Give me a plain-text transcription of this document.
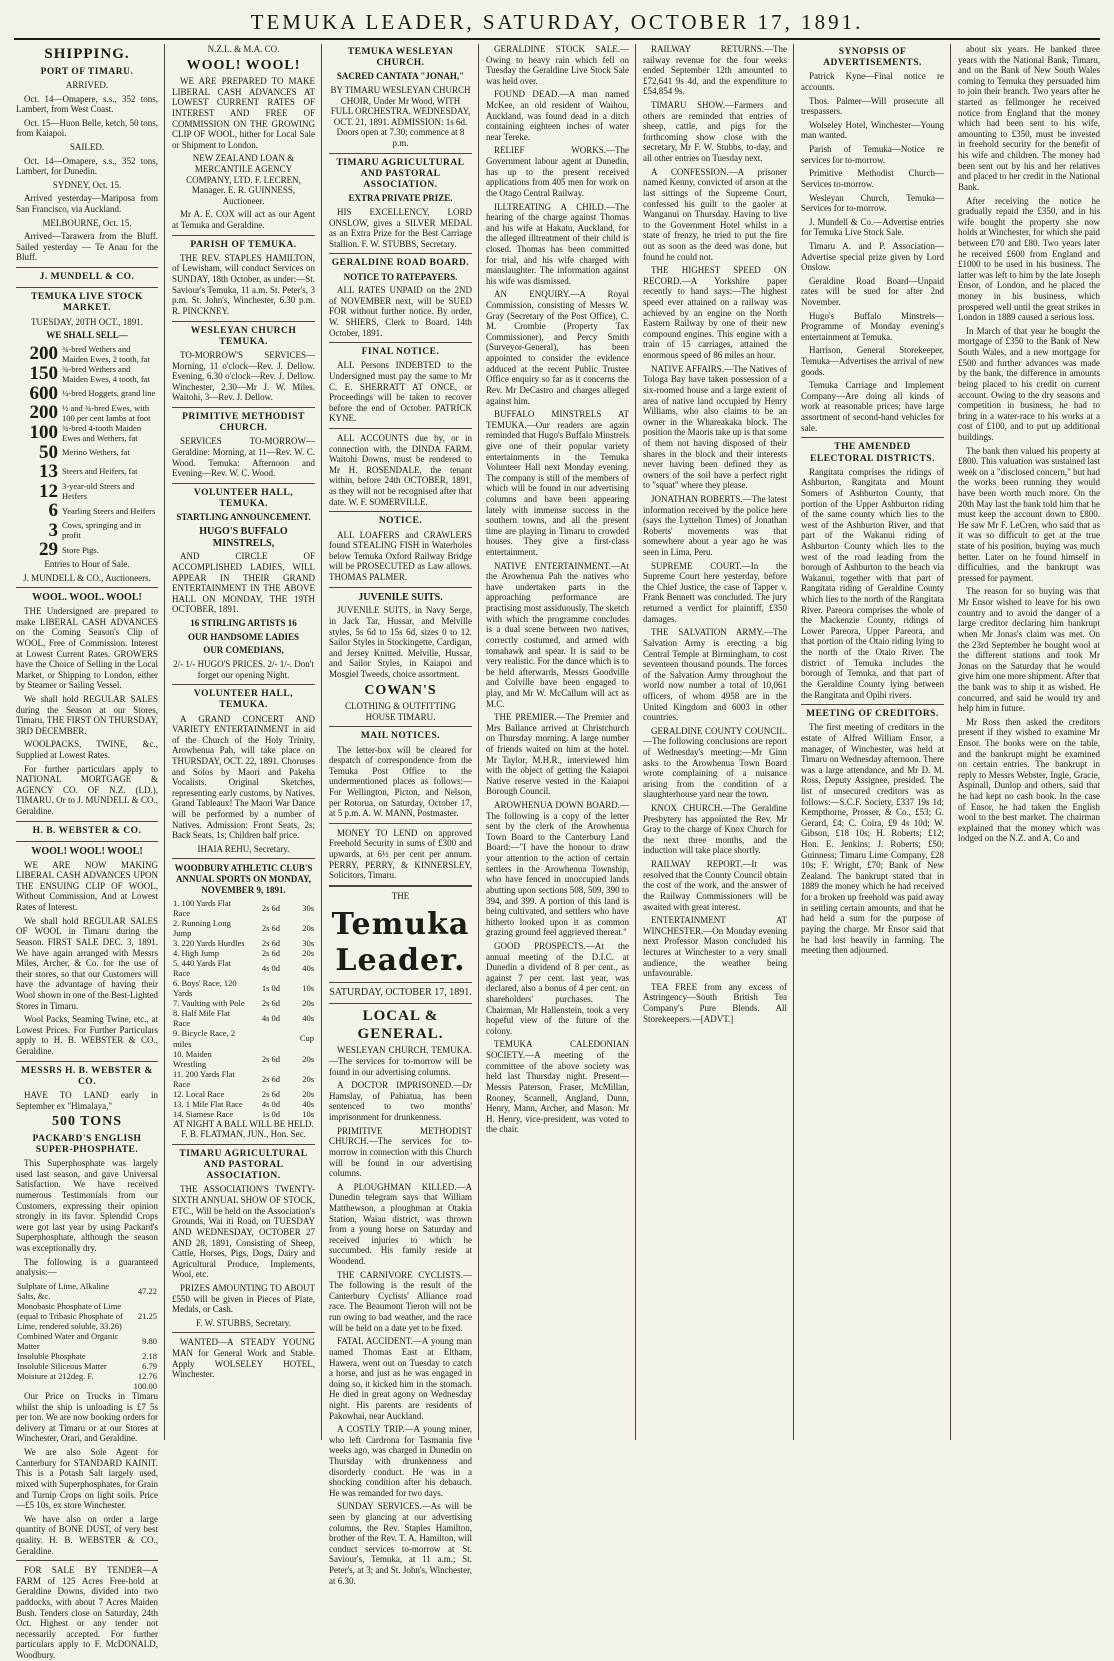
TEMUKA LEADER, SATURDAY, OCTOBER 17, 1891.
SHIPPING.
PORT OF TIMARU.

ARRIVED.

Oct. 14—Omapere, s.s., 352 tons, Lambert, from West Coast.

Oct. 15—Huon Belle, ketch, 50 tons, from Kaiapoi.

SAILED.

Oct. 14—Omapere, s.s., 352 tons, Lambert, for Dunedin.

SYDNEY, Oct. 15.

Arrived yesterday—Mariposa from San Francisco, via Auckland.

MELBOURNE, Oct. 15.

Arrived—Tarawera from the Bluff. Sailed yesterday — Te Anau for the Bluff.

J. MUNDELL & CO.
TEMUKA LIVE STOCK MARKET.

TUESDAY, 20TH OCT., 1891.

WE SHALL SELL—

200 ¾-bred Wethers and Maiden Ewes, 2 tooth, fat
150 ¾-bred Wethers and Maiden Ewes, 4 tooth, fat
600 ¼-bred Hoggets, grand line
200 ½ and ¾-bred Ewes, with 100 per cent lambs at foot
100 ¾-bred 4-tooth Maiden Ewes and Wethers, fat
50 Merino Wethers, fat
13 Steers and Heifers, fat
12 3-year-old Steers and Heifers
6 Yearling Steers and Heifers
3 Cows, springing and in profit
29 Store Pigs.

Entries to Hour of Sale.

J. MUNDELL & CO., Auctioneers.

WOOL. WOOL. WOOL!

THE Undersigned are prepared to make LIBERAL CASH ADVANCES on the Coming Season's Clip of WOOL, Free of Commission. Interest at Lowest Current Rates. GROWERS have the Choice of Selling in the Local Market, or Shipping to London, either by Steamer or Sailing Vessel.

We shall hold REGULAR SALES during the Season at our Stores, Timaru, THE FIRST ON THURSDAY, 3RD DECEMBER.

WOOLPACKS, TWINE, &c., Supplied at Lowest Rates.

For further particulars apply to NATIONAL MORTGAGE & AGENCY CO. OF N.Z. (LD.), TIMARU. Or to J. MUNDELL & CO., Geraldine.

H. B. WEBSTER & CO.
WOOL! WOOL! WOOL!

WE ARE NOW MAKING LIBERAL CASH ADVANCES UPON THE ENSUING CLIP OF WOOL, Without Commission, And at Lowest Rates of Interest.

We shall hold REGULAR SALES OF WOOL in Timaru during the Season. FIRST SALE DEC. 3, 1891. We have again arranged with Messrs Miles, Archer, & Co. for the use of their stores, so that our Customers will have the advantage of having their Wool shown in one of the Best-Lighted Stores in Timaru.

Wool Packs, Seaming Twine, etc., at Lowest Prices. For Further Particulars apply to H. B. WEBSTER & CO., Geraldine.

MESSRS H. B. WEBSTER & CO.

HAVE TO LAND early in September ex "Himalaya,"

500 TONS
PACKARD'S ENGLISH SUPER-PHOSPHATE.

This Superphosphate was largely used last season, and gave Universal Satisfaction. We have received numerous Testimonials from our Customers, expressing their opinion strongly in its favor. Splendid Crops were got last year by using Packard's Superphosphate, although the season was exceptionally dry.

The following is a guaranteed analysis:—

Sulphate of Lime, Alkaline Salts, &c.	47.22
Monobasic Phosphate of Lime (equal to Tribasic Phosphate of Lime, rendered soluble, 33.26)	21.25
Combined Water and Organic Matter	9.80
Insoluble Phosphate	2.18
Insoluble Siliceous Matter	6.79
Moisture at 212deg. F.	12.76
	100.00

Our Price on Trucks in Timaru whilst the ship is unloading is £7 5s per ton. We are now booking orders for delivery at Timaru or at our Stores at Winchester, Orari, and Geraldine.

We are also Sole Agent for Canterbury for STANDARD KAINIT. This is a Potash Salt largely used, mixed with Superphosphates, for Grain and Turnip Crops on light soils. Price—£5 10s, ex store Winchester.

We have also on order a large quantity of BONE DUST, of very best quality. H. B. WEBSTER & CO., Geraldine.

FOR SALE BY TENDER—A FARM of 125 Acres Free-hold at Geraldine Downs, divided into two paddocks, with about 7 Acres Maiden Bush. Tenders close on Saturday, 24th Oct. Highest or any tender not necessarily accepted. For further particulars apply to F. McDONALD, Woodbury.

N.Z.L. & M.A. CO.

WOOL! WOOL!

WE ARE PREPARED TO MAKE LIBERAL CASH ADVANCES AT LOWEST CURRENT RATES OF INTEREST AND FREE OF COMMISSION ON THE GROWING CLIP OF WOOL, hither for Local Sale or Shipment to London.

NEW ZEALAND LOAN & MERCANTILE AGENCY COMPANY, LTD. F. LECREN, Manager. E. R. GUINNESS, Auctioneer.

Mr A. E. COX will act as our Agent at Temuka and Geraldine.

PARISH OF TEMUKA.

THE REV. STAPLES HAMILTON, of Lewisham, will conduct Services on SUNDAY, 18th October, as under:—St. Saviour's Temuka, 11 a.m. St. Peter's, 3 p.m. St. John's, Winchester, 6.30 p.m. R. PINCKNEY.

WESLEYAN CHURCH TEMUKA.

TO-MORROW'S SERVICES— Morning, 11 o'clock—Rev. J. Dellow. Evening, 6.30 o'clock—Rev. J. Dellow. Winchester, 2.30—Mr J. W. Miles. Waitohi, 3—Rev. J. Dellow.

PRIMITIVE METHODIST CHURCH.

SERVICES TO-MORROW— Geraldine: Morning, at 11—Rev. W. C. Wood. Temuka: Afternoon and Evening—Rev. W. C. Wood.

VOLUNTEER HALL, TEMUKA.

STARTLING ANNOUNCEMENT.

HUGO'S BUFFALO MINSTRELS,

AND CIRCLE OF ACCOMPLISHED LADIES, WILL APPEAR IN THEIR GRAND ENTERTAINMENT IN THE ABOVE HALL ON MONDAY, THE 19TH OCTOBER, 1891.

16 STIRLING ARTISTS 16

OUR HANDSOME LADIES

OUR COMEDIANS,

2/- 1/- HUGO'S PRICES. 2/- 1/-. Don't forget our opening Night.

VOLUNTEER HALL, TEMUKA.

A GRAND CONCERT AND VARIETY ENTERTAINMENT in aid of the Church of the Holy Trinity, Arowhenua Pah, will take place on THURSDAY, OCT. 22, 1891. Choruses and Solos by Maori and Pakeha Vocalists. Original Sketches, representing early customs, by Natives. Grand Tableaux! The Maori War Dance will be performed by a number of Natives. Admission: Front Seats, 2s; Back Seats, 1s; Children half price.

IHAIA REHU, Secretary.

WOODBURY ATHLETIC CLUB'S ANNUAL SPORTS ON MONDAY, NOVEMBER 9, 1891.

1. 100 Yards Flat Race	2s 6d	30s
2. Running Long Jump	2s 6d	20s
3. 220 Yards Hurdles	2s 6d	30s
4. High Jump	2s 6d	20s
5. 440 Yards Flat Race	4s 0d	40s
6. Boys' Race, 120 Yards	1s 0d	10s
7. Vaulting with Pole	2s 6d	20s
8. Half Mile Flat Race	4s 0d	40s
9. Bicycle Race, 2 miles		Cup
10. Maiden Wrestling	2s 6d	20s
11. 200 Yards Flat Race	2s 6d	20s
12. Local Race	2s 6d	20s
13. 1 Mile Flat Race	4s 0d	40s
14. Siamese Race	1s 0d	10s

AT NIGHT A BALL WILL BE HELD. F. B. FLATMAN, JUN., Hon. Sec.

TIMARU AGRICULTURAL AND PASTORAL ASSOCIATION.

THE ASSOCIATION'S TWENTY-SIXTH ANNUAL SHOW OF STOCK, ETC., Will be held on the Association's Grounds, Wai iti Road, on TUESDAY AND WEDNESDAY, OCTOBER 27 AND 28, 1891, Consisting of Sheep, Cattle, Horses, Pigs, Dogs, Dairy and Agricultural Produce, Implements, Wool, etc.

PRIZES AMOUNTING TO ABOUT £550 will be given in Pieces of Plate, Medals, or Cash.

F. W. STUBBS, Secretary.

WANTED—A STEADY YOUNG MAN for General Work and Stable. Apply WOLSELEY HOTEL, Winchester.

TEMUKA WESLEYAN CHURCH.

SACRED CANTATA "JONAH,"

BY TIMARU WESLEYAN CHURCH CHOIR, Under Mr Wood, WITH FULL ORCHESTRA. WEDNESDAY, OCT. 21, 1891. ADMISSION: 1s 6d. Doors open at 7.30; commence at 8 p.m.

TIMARU AGRICULTURAL AND PASTORAL ASSOCIATION.

EXTRA PRIVATE PRIZE.

HIS EXCELLENCY, LORD ONSLOW, gives a SILVER MEDAL as an Extra Prize for the Best Carriage Stallion. F. W. STUBBS, Secretary.

GERALDINE ROAD BOARD.

NOTICE TO RATEPAYERS.

ALL RATES UNPAID on the 2ND of NOVEMBER next, will be SUED FOR without further notice. By order, W. SHIERS, Clerk to Board. 14th October, 1891.

FINAL NOTICE.

ALL Persons INDEBTED to the Undersigned must pay the same to Mr C. E. SHERRATT AT ONCE, or Proceedings will be taken to recover before the end of October. PATRICK KYNE.

ALL ACCOUNTS due by, or in connection with, the DINDA FARM, Waitohi Downs, must be rendered to Mr H. ROSENDALE, the tenant within, before 24th OCTOBER, 1891, as they will not be recognised after that date. W. F. SOMERVILLE.

NOTICE.

ALL LOAFERS and CRAWLERS found STEALING FISH in Waterholes below Temuka Oxford Railway Bridge will be PROSECUTED as Law allows. THOMAS PALMER.

JUVENILE SUITS.

JUVENILE SUITS, in Navy Serge, in Jack Tar, Hussar, and Melville styles, 5s 6d to 15s 6d, sizes 0 to 12. Sailor Styles in Stockingette, Cardigan, and Jersey Knitted. Melville, Hussar, and Sailor Styles, in Kaiapoi and Mosgiel Tweeds, choice assortment.

COWAN'S

CLOTHING & OUTFITTING HOUSE TIMARU.

MAIL NOTICES.

The letter-box will be cleared for despatch of correspondence from the Temuka Post Office to the undermentioned places as follows:— For Wellington, Picton, and Nelson, per Rotorua, on Saturday, October 17, at 5 p.m. A. W. MANN, Postmaster.

MONEY TO LEND on approved Freehold Security in sums of £300 and upwards, at 6½ per cent per annum. PERRY, PERRY, & KINNERSLEY, Solicitors, Timaru.

THE

Temuka Leader.
SATURDAY, OCTOBER 17, 1891.
LOCAL & GENERAL.

WESLEYAN CHURCH, TEMUKA.—The services for to-morrow will be found in our advertising columns.

A DOCTOR IMPRISONED.—Dr Hamslay, of Pahiatua, has been sentenced to two months' imprisonment for drunkenness.

PRIMITIVE METHODIST CHURCH.—The services for to-morrow in connection with this Church will be found in our advertising columns.

A PLOUGHMAN KILLED.—A Dunedin telegram says that William Matthewson, a ploughman at Otakia Station, Waiau district, was thrown from a young horse on Saturday and received injuries to which he succumbed. His family reside at Woodend.

THE CARNIVORE CYCLISTS.—The following is the result of the Canterbury Cyclists' Alliance road race. The Beaumont Tieron will not be run owing to bad weather, and the race will be held on a date yet to be fixed.

FATAL ACCIDENT.—A young man named Thomas East at Eltham, Hawera, went out on Tuesday to catch a horse, and just as he was engaged in doing so, it kicked him in the stomach. He died in great agony on Wednesday night. His parents are residents of Pakowhai, near Auckland.

A COSTLY TRIP.—A young miner, who left Cardrona for Tasmania five weeks ago, was charged in Dunedin on Thursday with drunkenness and disorderly conduct. He was in a shocking condition after his debauch. He was remanded for two days.

SUNDAY SERVICES.—As will be seen by glancing at our advertising columns, the Rev. Staples Hamilton, brother of the Rev. T. A. Hamilton, will conduct services to-morrow at St. Saviour's, Temuka, at 11 a.m.; St. Peter's, at 3; and St. John's, Winchester, at 6.30.

GERALDINE STOCK SALE.—Owing to heavy rain which fell on Tuesday the Geraldine Live Stock Sale was held over.

FOUND DEAD.—A man named McKee, an old resident of Waihou, Auckland, was found dead in a ditch containing eighteen inches of water near Tereke.

RELIEF WORKS.—The Government labour agent at Dunedin, has up to the present received applications from 405 men for work on the Otago Central Railway.

ILLTREATING A CHILD.—The hearing of the charge against Thomas and his wife at Hakatu, Auckland, for the alleged illtreatment of their child is closed. Thomas has been committed for trial, and his wife charged with manslaughter. The information against his wife was dismissed.

AN ENQUIRY.—A Royal Commission, consisting of Messrs W. Gray (Secretary of the Post Office), C. M. Crombie (Property Tax Commissioner), and Percy Smith (Surveyor-General), has been appointed to consider the evidence adduced at the recent Public Trustee Office enquiry so far as it concerns the Rev. Mr DeCastro and charges alleged against him.

BUFFALO MINSTRELS AT TEMUKA.—Our readers are again reminded that Hugo's Buffalo Minstrels give one of their popular variety entertainments in the Temuka Volunteer Hall next Monday evening. The company is still of the members of which will be found in our advertising columns and have been appearing lately with immense success in the southern towns, and all the present time are playing in Timaru to crowded houses. They give a first-class entertainment.

NATIVE ENTERTAINMENT.—At the Arowhenua Pah the natives who have undertaken parts in the approaching performance are practising most assiduously. The sketch with which the programme concludes is a dual scene between two natives, correctly costumed, and armed with tomahawk and spear. It is said to be very realistic. For the dance which is to be held afterwards, Messrs Goodville and Colville have been engaged to play, and Mr W. McCallum will act as M.C.

THE PREMIER.—The Premier and Mrs Ballance arrived at Christchurch on Thursday morning. A large number of friends waited on him at the hotel. Mr Taylor, M.H.R., interviewed him with the object of getting the Kaiapoi Native reserve vested in the Kaiapoi Borough Council.

AROWHENUA DOWN BOARD.—The following is a copy of the letter sent by the clerk of the Arowhenua Town Board to the Canterbury Land Board:—"I have the honour to draw your attention to the action of certain settlers in the Arowhenua Township, who have fenced in unoccupied lands abutting upon sections 508, 509, 390 to 394, and 399. A portion of this land is being cultivated, and settlers who have hitherto looked upon it as common grazing ground feel aggrieved thereat."

GOOD PROSPECTS.—At the annual meeting of the D.I.C. at Dunedin a dividend of 8 per cent., as against 7 per cent. last year, was declared, also a bonus of 4 per cent. on shareholders' purchases. The Chairman, Mr Hallenstein, took a very hopeful view of the future of the colony.

TEMUKA CALEDONIAN SOCIETY.—A meeting of the committee of the above society was held last Thursday night. Present—Messrs Paterson, Fraser, McMillan, Rooney, Scannell, Angland, Dunn, Henry, Mann, Archer, and Mason. Mr H. Henry, vice-president, was voted to the chair.

RAILWAY RETURNS.—The railway revenue for the four weeks ended September 12th amounted to £72,641 9s 4d, and the expenditure to £54,854 9s.

TIMARU SHOW.—Farmers and others are reminded that entries of sheep, cattle, and pigs for the forthcoming show close with the secretary, Mr F. W. Stubbs, to-day, and all other entries on Tuesday next.

A CONFESSION.—A prisoner named Kenny, convicted of arson at the last sittings of the Supreme Court, confessed his guilt to the gaoler at Wanganui on Thursday. Having to live to the Government Hotel whilst in a state of frenzy, he tried to put the fire out as soon as the deed was done, but found he could not.

THE HIGHEST SPEED ON RECORD.—A Yorkshire paper recently to hand says:—The highest speed ever attained on a railway was achieved by an engine on the North Eastern Railway by one of their new compound engines. This engine with a train of 15 carriages, attained the enormous speed of 86 miles an hour.

NATIVE AFFAIRS.—The Natives of Tologa Bay have taken possession of a six-roomed house and a large extent of area of native land occupied by Henry Williams, who also claims to be an owner in the Whareakaka block. The position the Maoris take up is that some of them not having disposed of their shares in the block and their interests never having been defined they as owners of the soil have a perfect right to "squat" where they please.

JONATHAN ROBERTS.—The latest information received by the police here (says the Lyttelton Times) of Jonathan Roberts' movements was that somewhere about a year ago he was seen in Lima, Peru.

SUPREME COURT.—In the Supreme Court here yesterday, before the Chief Justice, the case of Tapper v. Frank Bennett was concluded. The jury returned a verdict for plaintiff, £350 damages.

THE SALVATION ARMY.—The Salvation Army is erecting a big Central Temple at Birmingham, to cost seventeen thousand pounds. The forces of the Salvation Army throughout the world now number a total of 10,061 officers, of whom 4958 are in the United Kingdom and 6003 in other countries.

GERALDINE COUNTY COUNCIL.—The following conclusions are report of Wednesday's meeting:—Mr Ginn asks to the Arowhenua Town Board wrote complaining of a nuisance arising from the condition of a slaughterhouse yard near the town.

KNOX CHURCH.—The Geraldine Presbytery has appointed the Rev. Mr Gray to the charge of Knox Church for the next three months, and the induction will take place shortly.

RAILWAY REPORT.—It was resolved that the County Council obtain the cost of the work, and the answer of the Railway Commissioners will be awaited with great interest.

ENTERTAINMENT AT WINCHESTER.—On Monday evening next Professor Mason concluded his lectures at Winchester to a very small audience, the weather being unfavourable.

TEA FREE from any excess of Astringency—South British Tea Company's Pure Blends. All Storekeepers.—[ADVT.]

SYNOPSIS OF ADVERTISEMENTS.

Patrick Kyne—Final notice re accounts.

Thos. Palmer—Will prosecute all trespassers.

Wolseley Hotel, Winchester—Young man wanted.

Parish of Temuka—Notice re services for to-morrow.

Primitive Methodist Church—Services to-morrow.

Wesleyan Church, Temuka—Services for to-morrow.

J. Mundell & Co.—Advertise entries for Temuka Live Stock Sale.

Timaru A. and P. Association—Advertise special prize given by Lord Onslow.

Geraldine Road Board—Unpaid rates will be sued for after 2nd November.

Hugo's Buffalo Minstrels—Programme of Monday evening's entertainment at Temuka.

Harrison, General Storekeeper, Temuka—Advertises the arrival of new goods.

Temuka Carriage and Implement Company—Are doing all kinds of work at reasonable prices; have large assortment of second-hand vehicles for sale.

THE AMENDED ELECTORAL DISTRICTS.

Rangitata comprises the ridings of Ashburton, Rangitata and Mount Somers of Ashburton County, that portion of the Upper Ashburton riding of the same county which lies to the west of the Ashburton River, and that part of the Wakanui riding of Ashburton County which lies to the west of the road leading from the borough of Ashburton to the beach via Wakanui, together with that part of Rangitata riding of Geraldine County which lies to the north of the Rangitata River. Pareora comprises the whole of the Mackenzie County, ridings of Lower Pareora, Upper Pareora, and that portion of the Otaio riding lying to the north of the Otaio River. The district of Temuka includes the borough of Temuka, and that part of the Geraldine County lying between the Rangitata and Opihi rivers.

MEETING OF CREDITORS.

The first meeting of creditors in the estate of Alfred William Ensor, a manager, of Winchester, was held at Timaru on Wednesday afternoon. There was a large attendance, and Mr D. M. Ross, Deputy Assignee, presided. The list of unsecured creditors was as follows:—S.C.F. Society, £337 19s 1d; Kempthorne, Prosser, & Co., £53; G. Gerard, £4; C. Coira, £9 4s 10d; W. Gibson, £18 10s; H. Roberts; £12; Hon. E. Jenkins; J. Roberts; £50; Guinness; Timaru Lime Company, £28 10s; F. Wright, £70; Bank of New Zealand. The bankrupt stated that in 1889 the money which he had received for a broken up freehold was paid away in settling certain amounts, and that he had held a sum for the purpose of paying the charge. Mr Ensor said that he had lost heavily in farming. The meeting then adjourned.

about six years. He banked three years with the National Bank, Timaru, and on the Bank of New South Wales coming to Temuka they persuaded him to join their branch. Two years after he started as fellmonger he received notice from England that the money which had been sent to his wife, amounting to £350, must be invested in freehold security for the benefit of his wife and children. The money had been sent out by his and her relatives and placed to her credit in the National Bank.

After receiving the notice he gradually repaid the £350, and in his wife bought the property she now holds at Winchester, for which she paid between £70 and £80. Two years later he received £600 from England and £1000 to be used in his business. The latter was left to him by the late Joseph Ensor, of London, and he placed the money in his business, which prospered well until the great strikes in London in 1889 caused a serious loss.

In March of that year he bought the mortgage of £350 to the Bank of New South Wales, and a new mortgage for £500 and further advances was made by the bank, the difference in amounts being placed to his credit on current account. Owing to the dry seasons and competition in business, he had to bring in a water-race to his works at a cost of £100, and to put up additional buildings.

The bank then valued his property at £800. This valuation was sustained last week on a "disclosed concern," but had the works been running they would have been worth much more. On the 20th May last the bank told him that he must keep the account down to £800. He saw Mr F. LeCren, who said that as it was so difficult to get at the true state of his position, buying was much better. Later on he found himself in difficulties, and the bankrupt was pressed for payment.

The reason for so buying was that Mr Ensor wished to leave for his own country and to avoid the danger of a large creditor declaring him bankrupt when Mr Jonas's claim was met. On the 23rd September he bought wool at the different stations and took Mr Jonas on the Saturday that he would give him one more shipment. After that the bank was to ship it as wished. He concurred, and said he would try and help him in future.

Mr Ross then asked the creditors present if they wished to examine Mr Ensor. The books were on the table, and the bankrupt might be examined on certain entries. The bankrupt in reply to Messrs Webster, Ingle, Gracie, Aspinall, Dunlop and others, said that he had kept no cash book. In the case of Ensor, he had taken the English wool to the best market. The chairman explained that the money which was lodged on the N.Z. and A. Co and
